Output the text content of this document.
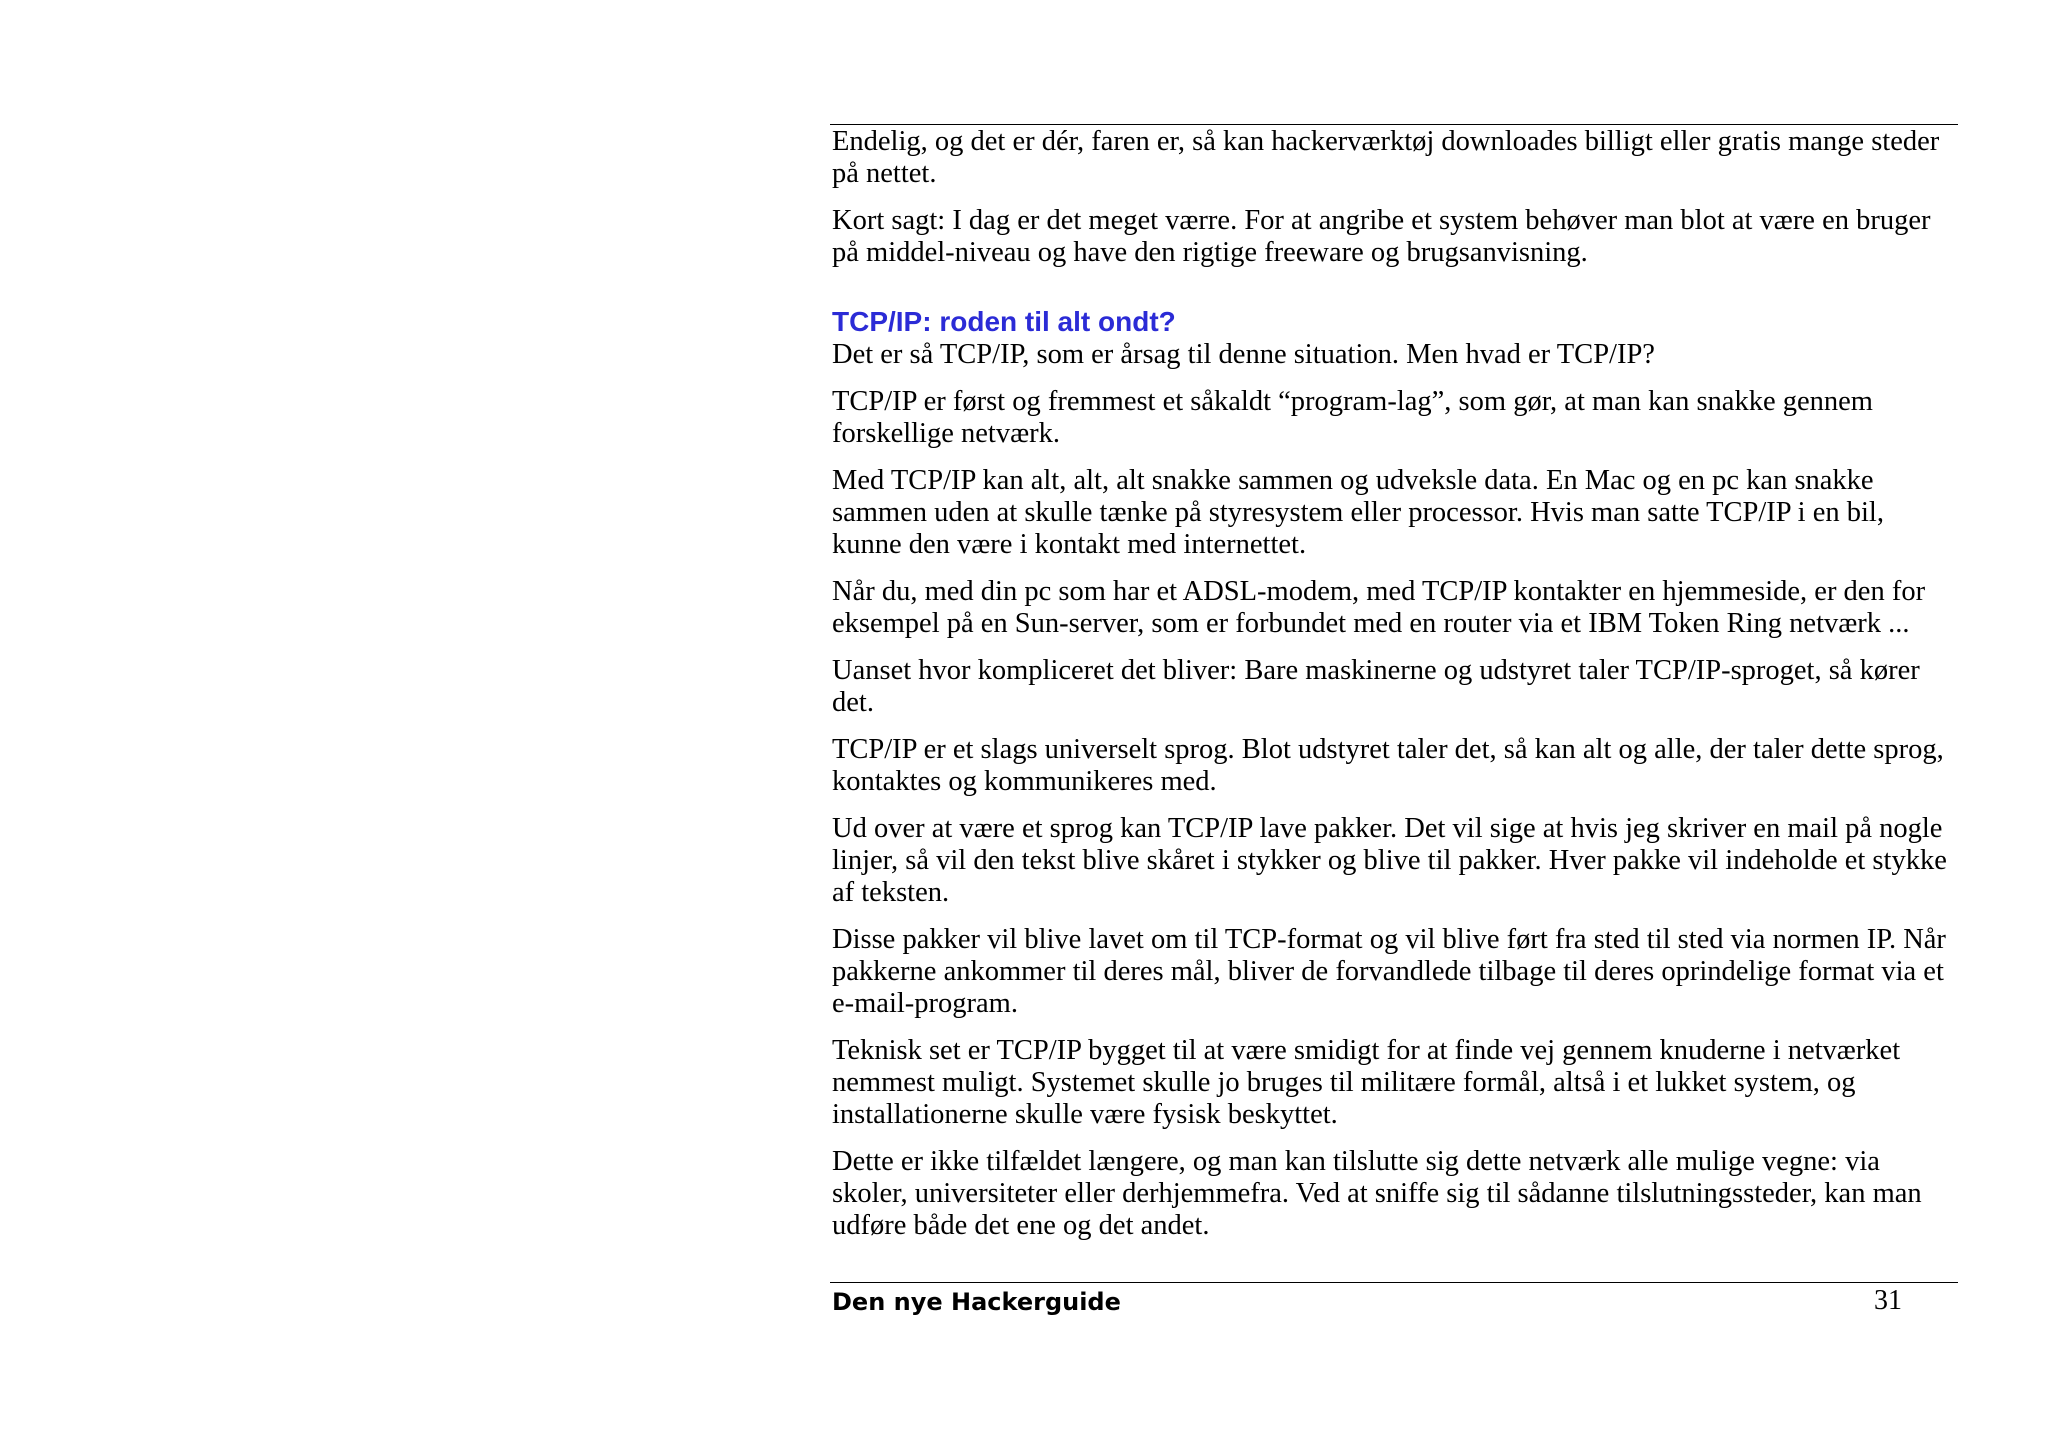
Endelig, og det er dér, faren er, så kan hackerværktøj downloades billigt eller gratis mange steder på nettet.

Kort sagt: I dag er det meget værre. For at angribe et system behøver man blot at være en bruger på middel-niveau og have den rigtige freeware og brugsanvisning.

TCP/IP: roden til alt ondt?

Det er så TCP/IP, som er årsag til denne situation. Men hvad er TCP/IP?

TCP/IP er først og fremmest et såkaldt “program-lag”, som gør, at man kan snakke gennem forskellige netværk.

Med TCP/IP kan alt, alt, alt snakke sammen og udveksle data. En Mac og en pc kan snakke sammen uden at skulle tænke på styresystem eller processor. Hvis man satte TCP/IP i en bil, kunne den være i kontakt med internettet.

Når du, med din pc som har et ADSL-modem, med TCP/IP kontakter en hjemmeside, er den for eksempel på en Sun-server, som er forbundet med en router via et IBM Token Ring netværk ...

Uanset hvor kompliceret det bliver: Bare maskinerne og udstyret taler TCP/IP-sproget, så kører det.

TCP/IP er et slags universelt sprog. Blot udstyret taler det, så kan alt og alle, der taler dette sprog, kontaktes og kommunikeres med.

Ud over at være et sprog kan TCP/IP lave pakker. Det vil sige at hvis jeg skriver en mail på nogle linjer, så vil den tekst blive skåret i stykker og blive til pakker. Hver pakke vil indeholde et stykke af teksten.

Disse pakker vil blive lavet om til TCP-format og vil blive ført fra sted til sted via normen IP. Når pakkerne ankommer til deres mål, bliver de forvandlede tilbage til deres oprindelige format via et e-mail-program.

Teknisk set er TCP/IP bygget til at være smidigt for at finde vej gennem knuderne i netværket nemmest muligt. Systemet skulle jo bruges til militære formål, altså i et lukket system, og installationerne skulle være fysisk beskyttet.

Dette er ikke tilfældet længere, og man kan tilslutte sig dette netværk alle mulige vegne: via skoler, universiteter eller derhjemmefra. Ved at sniffe sig til sådanne tilslutningssteder, kan man udføre både det ene og det andet.

Den nye Hackerguide	31
